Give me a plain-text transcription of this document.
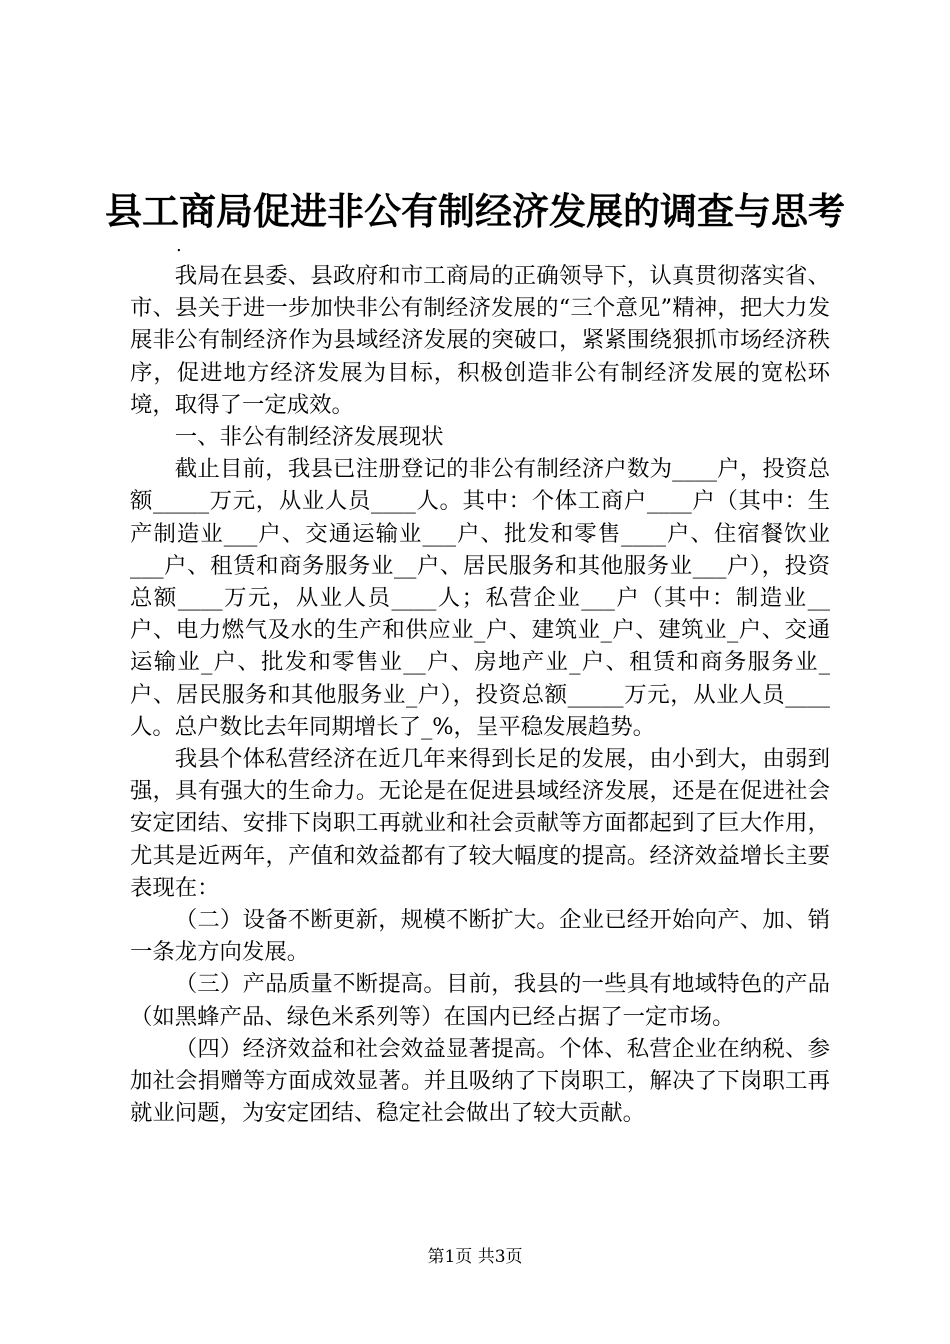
县工商局促进非公有制经济发展的调查与思考
.

我局在县委、县政府和市工商局的正确领导下，认真贯彻落实省、市、县关于进一步加快非公有制经济发展的“三个意见”精神，把大力发展非公有制经济作为县域经济发展的突破口，紧紧围绕狠抓市场经济秩序，促进地方经济发展为目标，积极创造非公有制经济发展的宽松环境，取得了一定成效。

一、非公有制经济发展现状

截止目前，我县已注册登记的非公有制经济户数为____户，投资总额_____万元，从业人员____人。其中：个体工商户____户（其中：生产制造业___户、交通运输业___户、批发和零售____户、住宿餐饮业___户、租赁和商务服务业__户、居民服务和其他服务业___户），投资总额____万元，从业人员____人；私营企业___户（其中：制造业__户、电力燃气及水的生产和供应业_户、建筑业_户、建筑业_户、交通运输业_户、批发和零售业__户、房地产业_户、租赁和商务服务业_户、居民服务和其他服务业_户），投资总额_____万元，从业人员____人。总户数比去年同期增长了_%，呈平稳发展趋势。

我县个体私营经济在近几年来得到长足的发展，由小到大，由弱到强，具有强大的生命力。无论是在促进县域经济发展，还是在促进社会安定团结、安排下岗职工再就业和社会贡献等方面都起到了巨大作用，尤其是近两年，产值和效益都有了较大幅度的提高。经济效益增长主要表现在：

（二）设备不断更新，规模不断扩大。企业已经开始向产、加、销一条龙方向发展。

（三）产品质量不断提高。目前，我县的一些具有地域特色的产品（如黑蜂产品、绿色米系列等）在国内已经占据了一定市场。

（四）经济效益和社会效益显著提高。个体、私营企业在纳税、参加社会捐赠等方面成效显著。并且吸纳了下岗职工，解决了下岗职工再就业问题，为安定团结、稳定社会做出了较大贡献。

第1页 共3页
